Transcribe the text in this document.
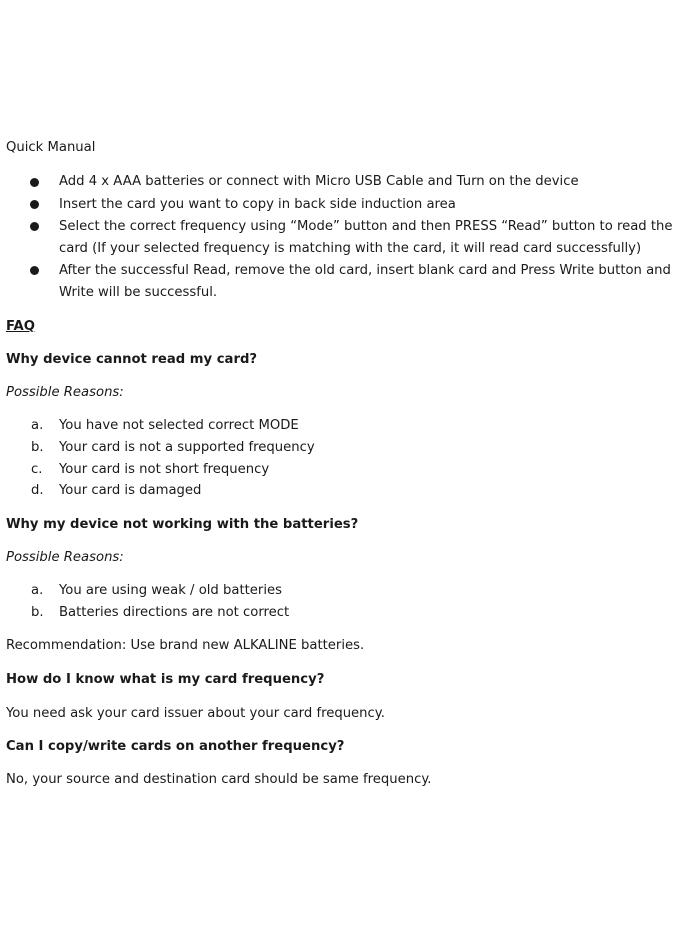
Quick Manual
Add 4 x AAA batteries or connect with Micro USB Cable and Turn on the device
Insert the card you want to copy in back side induction area
Select the correct frequency using “Mode” button and then PRESS “Read” button to read the
card (If your selected frequency is matching with the card, it will read card successfully)
After the successful Read, remove the old card, insert blank card and Press Write button and
Write will be successful.
FAQ
Why device cannot read my card?
Possible Reasons:
a. You have not selected correct MODE
b. Your card is not a supported frequency
c. Your card is not short frequency
d. Your card is damaged
Why my device not working with the batteries?
Possible Reasons:
a. You are using weak / old batteries
b. Batteries directions are not correct
Recommendation: Use brand new ALKALINE batteries.
How do I know what is my card frequency?
You need ask your card issuer about your card frequency.
Can I copy/write cards on another frequency?
No, your source and destination card should be same frequency.
